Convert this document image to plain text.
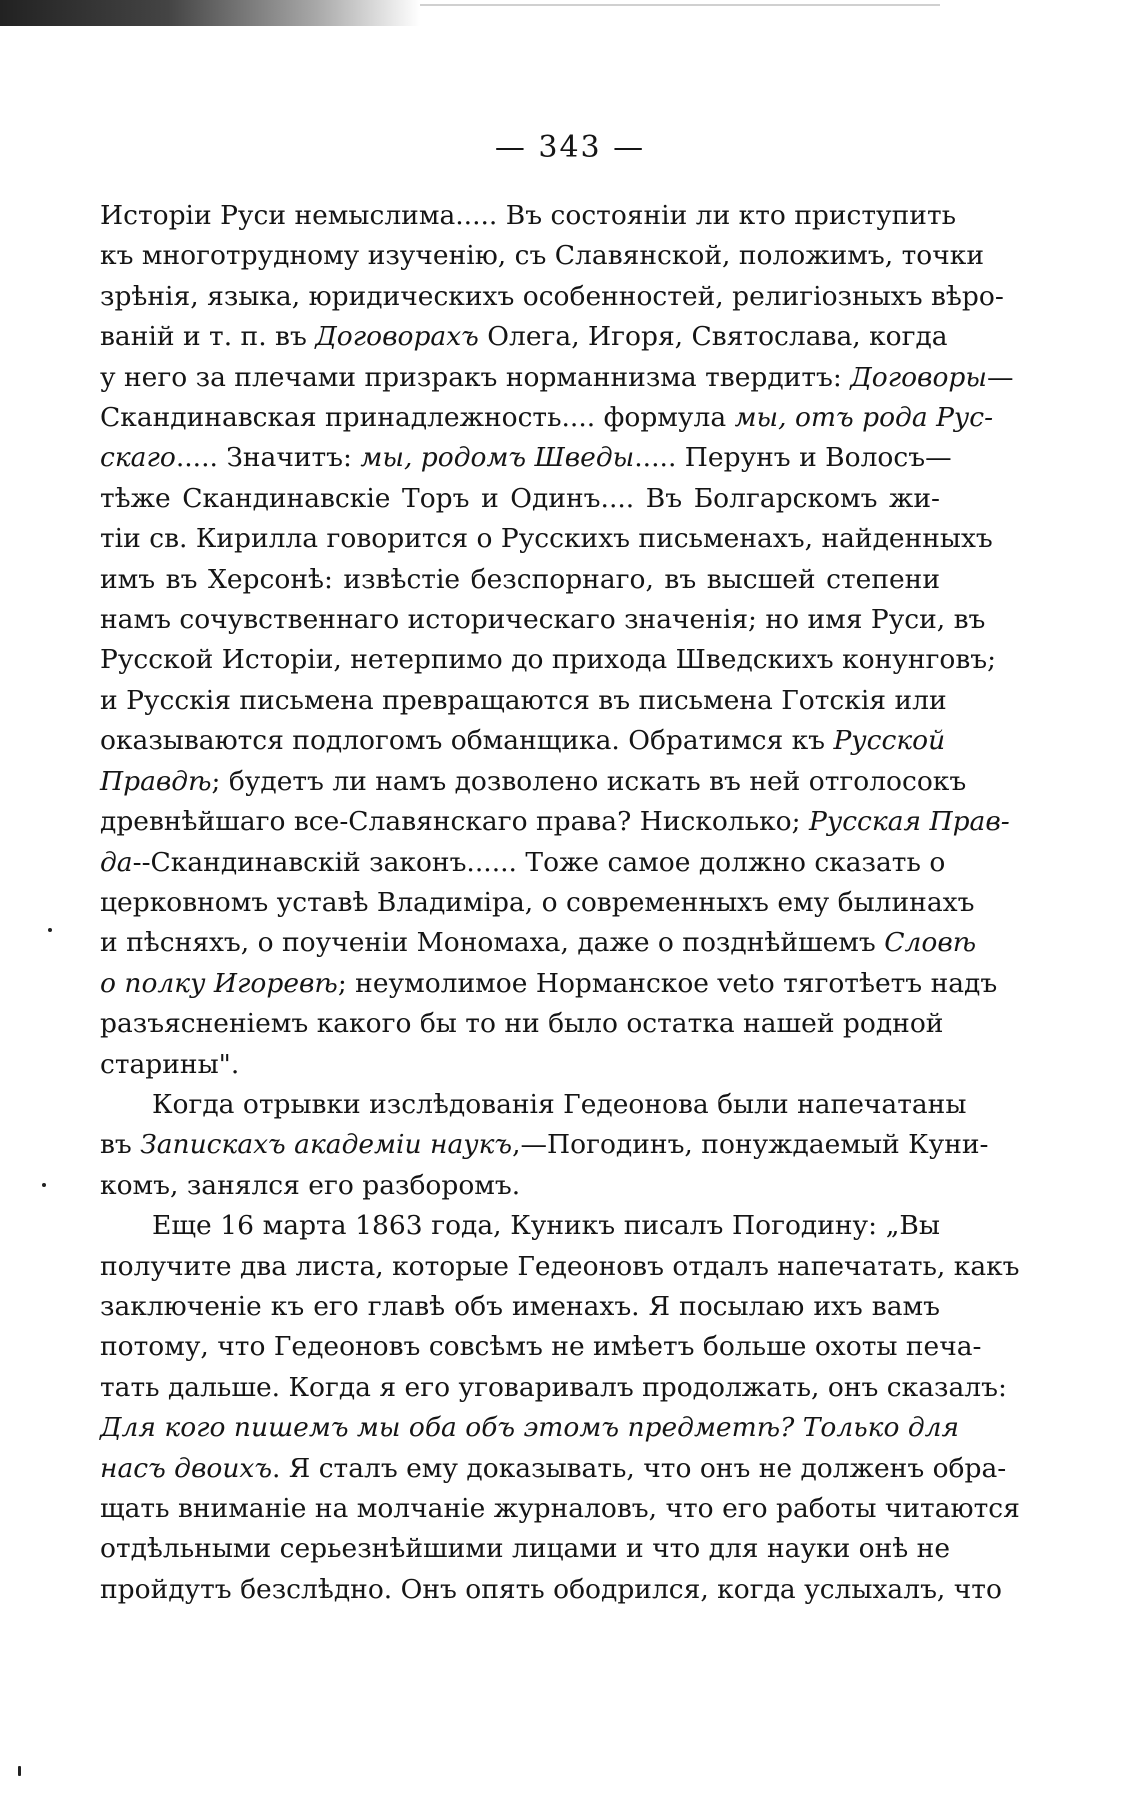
— 343 —

Исторіи Руси немыслима..... Въ состояніи ли кто приступить
къ многотрудному изученію, съ Славянской, положимъ, точки
зрѣнія, языка, юридическихъ особенностей, религіозныхъ вѣро-
ваній и т. п. въ Договорахъ Олега, Игоря, Святослава, когда
у него за плечами призракъ норманнизма твердитъ: Договоры—
Скандинавская принадлежность.... формула мы, отъ рода Рус-
скаго..... Значитъ: мы, родомъ Шведы..... Перунъ и Волосъ—
тѣже Скандинавскіе Торъ и Одинъ.... Въ Болгарскомъ жи-
тіи св. Кирилла говорится о Русскихъ письменахъ, найденныхъ
имъ въ Херсонѣ: извѣстіе безспорнаго, въ высшей степени
намъ сочувственнаго историческаго значенія; но имя Руси, въ
Русской Исторіи, нетерпимо до прихода Шведскихъ конунговъ;
и Русскія письмена превращаются въ письмена Готскія или
оказываются подлогомъ обманщика. Обратимся къ Русской
Правдѣ; будетъ ли намъ дозволено искать въ ней отголосокъ
древнѣйшаго все-Славянскаго права? Нисколько; Русская Прав-
да--Скандинавскій законъ...... Тоже самое должно сказать о
церковномъ уставѣ Владиміра, о современныхъ ему былинахъ
и пѣсняхъ, о поученіи Мономаха, даже о позднѣйшемъ Словѣ
о полку Игоревѣ; неумолимое Норманское veto тяготѣетъ надъ
разъясненіемъ какого бы то ни было остатка нашей родной
старины".

Когда отрывки изслѣдованія Гедеонова были напечатаны
въ Запискахъ академіи наукъ,—Погодинъ, понуждаемый Куни-
комъ, занялся его разборомъ.

Еще 16 марта 1863 года, Куникъ писалъ Погодину: „Вы
получите два листа, которые Гедеоновъ отдалъ напечатать, какъ
заключеніе къ его главѣ объ именахъ. Я посылаю ихъ вамъ
потому, что Гедеоновъ совсѣмъ не имѣетъ больше охоты печа-
тать дальше. Когда я его уговаривалъ продолжать, онъ сказалъ:
Для кого пишемъ мы оба объ этомъ предметѣ? Только для
насъ двоихъ. Я сталъ ему доказывать, что онъ не долженъ обра-
щать вниманіе на молчаніе журналовъ, что его работы читаются
отдѣльными серьезнѣйшими лицами и что для науки онѣ не
пройдутъ безслѣдно. Онъ опять ободрился, когда услыхалъ, что
